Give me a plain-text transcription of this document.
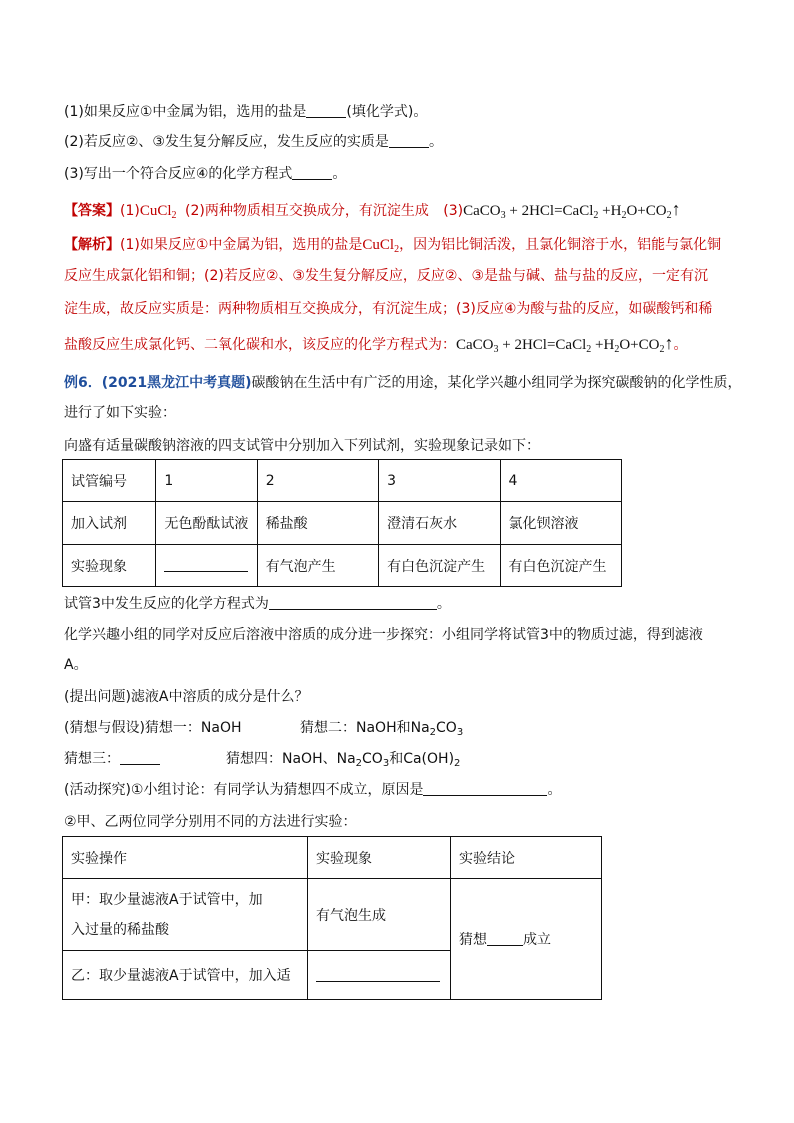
(1)如果反应①中金属为铝，选用的盐是	(填化学式)。
(2)若反应②、③发生复分解反应，发生反应的实质是	。
(3)写出一个符合反应④的化学方程式	。
【答案】(1)CuCl$_2$ (2)两种物质相互交换成分，有沉淀生成 (3)CaCO$_3$ + 2HCl=CaCl$_2$ $+H_2O+CO_2↑$
【解析】(1)如果反应①中金属为铝，选用的盐是CuCl$_2$，因为铝比铜活泼，且氯化铜溶于水，铝能与氯化铜
反应生成氯化铝和铜；(2)若反应②、③发生复分解反应，反应②、③是盐与碱、盐与盐的反应，一定有沉
淀生成，故反应实质是：两种物质相互交换成分，有沉淀生成；(3)反应④为酸与盐的反应，如碳酸钙和稀
盐酸反应生成氯化钙、二氧化碳和水，该反应的化学方程式为：CaCO$_3$ + 2HCl=CaCl$_2$ $+H_2O+CO_2↑$。
例6．(2021黑龙江中考真题)碳酸钠在生活中有广泛的用途，某化学兴趣小组同学为探究碳酸钠的化学性质，
进行了如下实验：
向盛有适量碳酸钠溶液的四支试管中分别加入下列试剂，实验现象记录如下：
试管编号	1	2	3	4
加入试剂	无色酚酞试液	稀盐酸	澄清石灰水	氯化钡溶液
实验现象		有气泡产生	有白色沉淀产生	有白色沉淀产生
试管3中发生反应的化学方程式为	。
化学兴趣小组的同学对反应后溶液中溶质的成分进一步探究：小组同学将试管3中的物质过滤，得到滤液
A。
(提出问题)滤液A中溶质的成分是什么？
(猜想与假设)猜想一：NaOH	猜想二：NaOH和$Na_2CO_3$
猜想三：	猜想四：NaOH、$Na_2CO_3$和$Ca(OH)_2$
(活动探究)①小组讨论：有同学认为猜想四不成立，原因是	。
②甲、乙两位同学分别用不同的方法进行实验：
实验操作	实验现象	实验结论

甲：取少量滤液A于试管中，加
入过量的稀盐酸	有气泡生成	猜想 成立
乙：取少量滤液A于试管中，加入适		
